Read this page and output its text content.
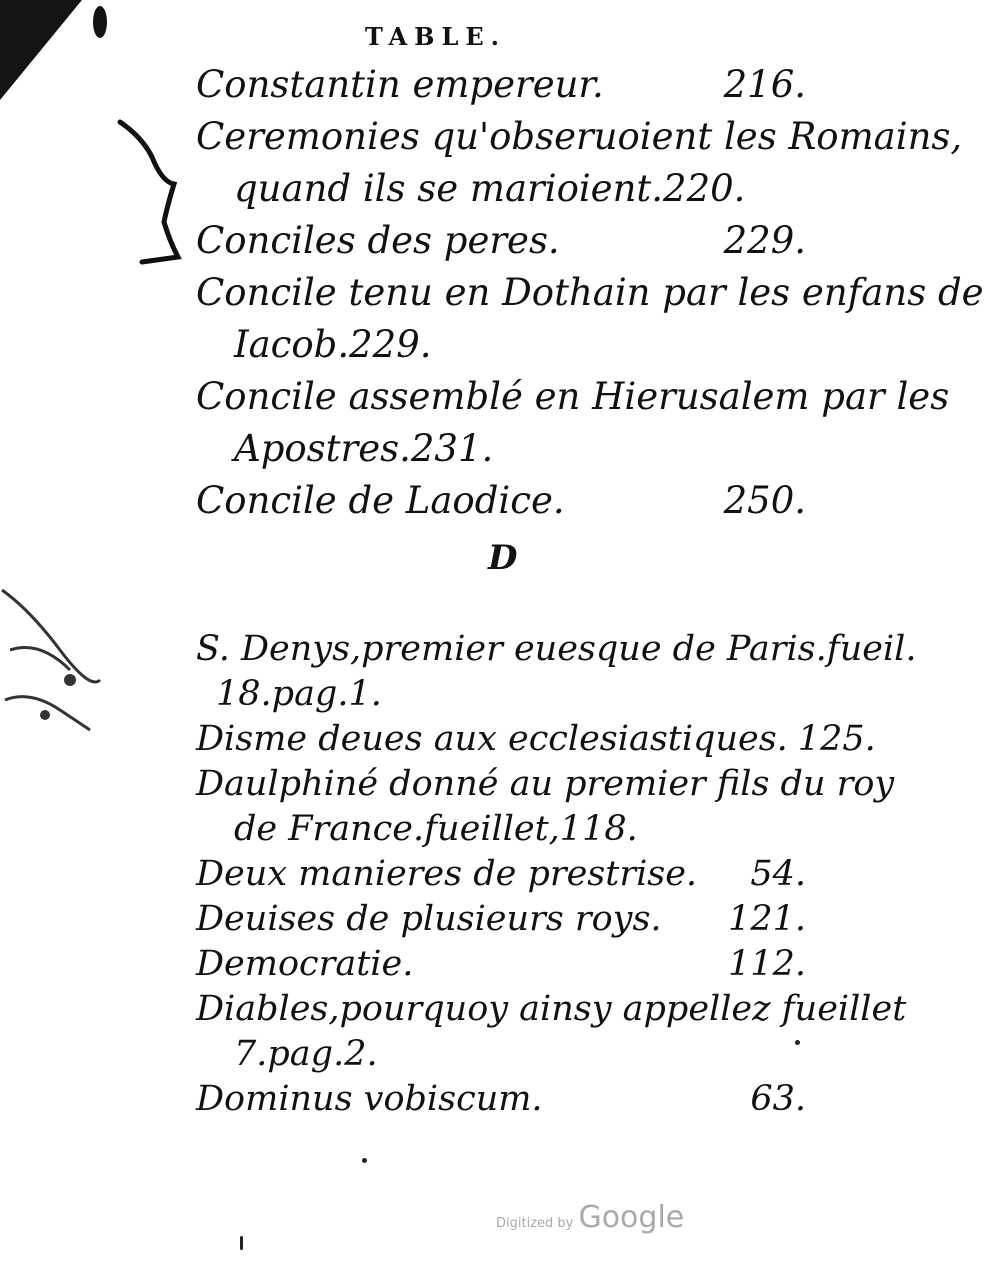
TABLE.
Constantin empereur.	216.
Ceremonies qu'obseruoient les Romains,
quand ils se marioient.220.
Conciles des peres.	229.
Concile tenu en Dothain par les enfans de
Iacob.229.
Concile assemblé en Hierusalem par les
Apostres.231.
Concile de Laodice.	250.
D
S. Denys,premier euesque de Paris.fueil.
18.pag.1.
Disme deues aux ecclesiastiques. 125.
Daulphiné donné au premier fils du roy
de France.fueillet,118.
Deux manieres de prestrise.	54.
Deuises de plusieurs roys.	121.
Democratie.	112.
Diables,pourquoy ainsy appellez fueillet
7.pag.2.
Dominus vobiscum.	63.
Digitized by Google
